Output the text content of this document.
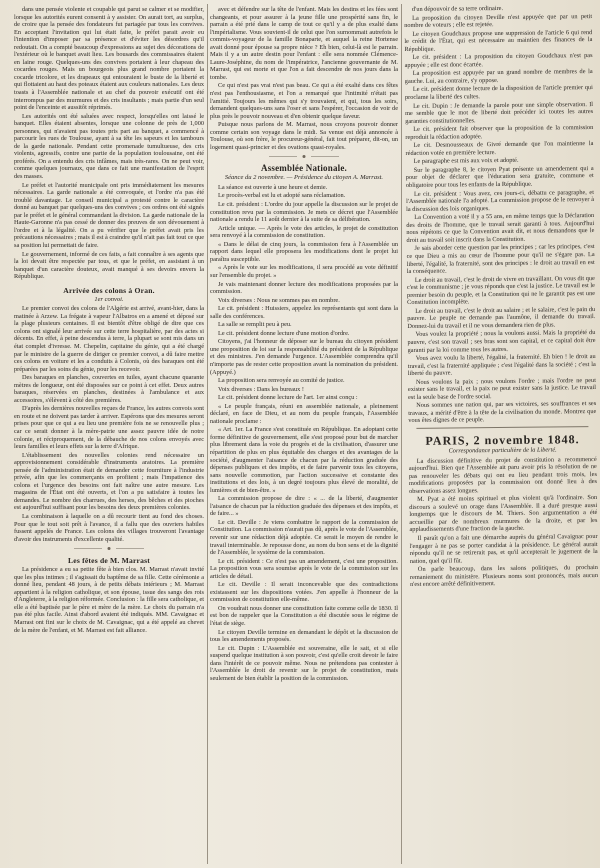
dans une pensée violente et coupable qui parut se calmer et se modifier, lorsque les autorités eurent consenti à y assister. On aurait tort, au surplus, de croire que la pensée des fondateurs fut partagée par tous les convives. En acceptant l'invitation qui lui était faite, le préfet parait avoir eu l'intention d'imposer par sa présence et d'éviter les désordres qu'il redoutait. On a compté beaucoup d'expressions au sujet des décorations de l'extérieur où le banquet avait lieu. Les bousards des commissaires étaient en laine rouge. Quelques-uns des convives portaient à leur chapeau des cocardes rouges. Mais un bourgeois plus grand nombre portaient la cocarde tricolore, et les drapeaux qui entouraient le buste de la liberté et qui flottaient au haut des poteaux étaient aux couleurs nationales. Les deux toasts à l'Assemblée nationale et au chef du pouvoir exécutif ont été interrompus par des murmures et des cris insultants ; mais partie d'un seul point de l'enceinte et aussitôt réprimés.

Les autorités ont été saluées avec respect, lorsqu'elles ont laissé le banquet. Elles étaient absentes, lorsque une colonne de près de 1,000 personnes, qui n'avaient pas toutes pris part au banquet, a commencé à parcourir les rues de Toulouse, ayant à sa tête les sapeurs et les tambours de la garde nationale. Pendant cette promenade tumultueuse, des cris violents, agressifs, contre une partie de la population toulousaine, ont été proférés. On a entendu des cris infâmes, mais très-rares. On ne peut voir, comme quelques journaux, que dans ce fait une manifestation de l'esprit des masses.

Le préfet et l'autorité municipale ont pris immédiatement les mesures nécessaires. La garde nationale a été convoquée, et l'ordre n'a pas été troublé davantage. Le conseil municipal a protesté contre le caractère donné au banquet par quelques-uns des convives ; ces ordres ont été signés par le préfet et le général commandant la division. La garde nationale de la Haute-Garonne n'a pas cessé de donner des preuves de son dévouement à l'ordre et à la légalité. On a pu vérifier que le préfet avait pris les précautions nécessaires ; mais il est à craindre qu'il n'ait pas fait tout ce que sa position lui permettait de faire.

Le gouvernement, informé de ces faits, a fait connaître à ses agents que la loi devait être respectée par tous, et que le préfet, en assistant à un banquet d'un caractère douteux, avait manqué à ses devoirs envers la République.

Arrivée des colons à Oran.
1er convoi.

Le premier convoi des colons de l'Algérie est arrivé, avant-hier, dans la matinée à Arzew. La frégate à vapeur l'Albatros en a amené et déposé sur la plage plusieurs centaines. Il est bientôt d'être obligé de dire que ces colons ont signalé leur arrivée sur cette terre hospitalière, par des actes si décents. En effet, à peine descendus à terre, la plupart se sont mis dans un état complet d'ivresse. M. Chepelin, capitaine du génie, qui a été chargé par le ministre de la guerre de diriger ce premier convoi, a dû faire mettre ces colons en voiture et les a conduits à Colonis, où des baraques ont été préparées par les soins du génie, pour les recevoir.

Des baraques en planches, couvertes en tuiles, ayant chacune quarante mètres de longueur, ont été disposées sur ce point à cet effet. Deux autres baraques, réservées en planches, destinées à l'ambulance et aux accessoires, s'élèvent à côté des premières.

D'après les dernières nouvelles reçues de France, les autres convois sont en route et ne doivent pas tarder à arriver. Espérons que des mesures seront prises pour que ce qui a eu lieu une première fois ne se renouvelle plus ; car ce serait donner à la mère-patrie une assez pauvre idée de notre colonie, et réciproquement, de la débauche de nos colons envoyés avec leurs familles et leurs effets sur la terre d'Afrique.

L'établissement des nouvelles colonies rend nécessaire un approvisionnement considérable d'instruments aratoires. La première pensée de l'administration était de demander cette fourniture à l'industrie privée, afin que les commerçants en profitent ; mais l'impatience des colons et l'urgence des besoins ont fait naître une autre mesure. Les magasins de l'État ont été ouverts, et l'on a pu satisfaire à toutes les demandes. Le nombre des charrues, des herses, des bêches et des pioches est aujourd'hui suffisant pour les besoins des deux premières colonies.

La combinaison à laquelle on a dû recourir tient au fond des choses. Pour que le tout soit prêt à l'avance, il a fallu que des ouvriers habiles fussent appelés de France. Les colons des villages trouveront l'avantage d'avoir des instruments d'excellente qualité.

Les fêtes de M. Marrast

La présidence a eu sa petite fête à bien clos. M. Marrast n'avait invité que les plus intimes ; il s'agissait du baptême de sa fille. Cette cérémonie a donné lieu, pendant 48 jours, à de petits débats intérieurs ; M. Marrast appartient à la religion catholique, et son épouse, issue des sangs des rois d'Angleterre, à la religion réformée. Conclusion : la fille sera catholique, et elle a été baptisée par le père et mère de la mère. Le choix du parrain n'a pas été plus facile. Ainsi d'abord avaient été indiqués. MM. Cavaignac et Marrast ont fini sur le choix de M. Cavaignac, qui a été appelé au chevet de la mère de l'enfant, et M. Marrast est fait alliance.

avec et défendre sur la tête de l'enfant. Mais les destins et les fées sont changeants, et pour assurer à la jeune fille une prospérité sans fin, le parrain a été prié dans le camp de tout ce qu'il y a de plus exalté dans l'impérialisme. Vous souvient-il de celui que l'on surnommait autrefois le commis-voyageur de la famille Bonaparte, et auquel la reine Hortense avait donné pour épouse sa propre nièce ? Eh bien, celui-là est le parrain. Mais il y a un autre destin pour l'enfant : elle sera nommée Clémence-Laure-Joséphine, du nom de l'impératrice, l'ancienne gouvernante de M. Marrast, qui est morte et que l'on a fait descendre de nos jours dans la tombe.

Ce qui n'est pas vrai n'est pas beau. Ce qui a été exalté dans ces fêtes n'est pas l'enthousiasme, et l'on a remarqué que l'intimité n'était pas l'amitié. Toujours les mêmes qui s'y trouvaient, et qui, tous les soirs, demandent quelques-uns sans l'oser et sans l'espérer, l'occasion de voir de plus près le pouvoir nouveau et d'en obtenir quelque faveur.

Puisque nous parlons de M. Marrast, nous croyons pouvoir donner comme certain son voyage dans le midi. Sa venue est déjà annoncée à Toulouse, où son frère, le procureur-général, fait tout préparer, dit-on, un logement quasi-princier et des ovations quasi-royales.

Assemblée Nationale.
Séance du 2 novembre. — Présidence du citoyen A. Marrast.

La séance est ouverte à une heure et demie.

Le procès-verbal est lu et adopté sans réclamation.

Le cit. président : L'ordre du jour appelle la discussion sur le projet de constitution revu par la commission. Je mets ce décret que l'Assemblée nationale a rendu le 11 août dernier à la suite de sa délibération.

Article unique. — Après le vote des articles, le projet de constitution sera renvoyé à la commission de constitution.

« Dans le délai de cinq jours, la commission fera à l'Assemblée un rapport dans lequel elle proposera les modifications dont le projet lui paraîtra susceptible.

« Après le vote sur les modifications, il sera procédé au vote définitif sur l'ensemble du projet. »

Je vais maintenant donner lecture des modifications proposées par la commission.

Voix diverses : Nous ne sommes pas en nombre.

Le cit. président : Huissiers, appelez les représentants qui sont dans la salle des conférences.

La salle se remplit peu à peu.

Le cit. président donne lecture d'une motion d'ordre.

Citoyens, j'ai l'honneur de déposer sur le bureau du citoyen président une proposition de loi sur la responsabilité du président de la République et des ministres. J'en demande l'urgence. L'Assemblée comprendra qu'il n'importe pas de rester cette proposition avant la nomination du président. (Appuyé.)

La proposition sera renvoyée au comité de justice.

Voix diverses : Dans les bureaux !

Le cit. président donne lecture de l'art. 1er ainsi conçu :

« Le peuple français, réuni en assemblée nationale, a pleinement déclaré, en face de Dieu, et au nom du peuple français, l'Assemblée nationale proclame :

« Art. 1er. La France s'est constituée en République. En adoptant cette forme définitive de gouvernement, elle s'est proposé pour but de marcher plus librement dans la voie du progrès et de la civilisation, d'assurer une répartition de plus en plus équitable des charges et des avantages de la société, d'augmenter l'aisance de chacun par la réduction graduée des dépenses publiques et des impôts, et de faire parvenir tous les citoyens, sans nouvelle commotion, par l'action successive et constante des institutions et des lois, à un degré toujours plus élevé de moralité, de lumières et de bien-être. »

La commission propose de dire : « ... de la liberté, d'augmenter l'aisance de chacun par la réduction graduée des dépenses et des impôts, et de faire... »

Le cit. Deville : Je viens combattre le rapport de la commission de Constitution. La commission n'aurait pas dû, après le vote de l'Assemblée, revenir sur une rédaction déjà adoptée. Ce serait le moyen de rendre le travail interminable. Je repousse donc, au nom du bon sens et de la dignité de l'Assemblée, le système de la commission.

Le cit. président : Ce n'est pas un amendement, c'est une proposition. La proposition vous sera soumise après le vote de la commission sur les articles de détail.

Le cit. Deville : Il serait inconcevable que des contradictions existassent sur les dispositions votées. J'en appelle à l'honneur de la commission de constitution elle-même.

On voudrait nous donner une constitution faite comme celle de 1830. Il est bon de rappeler que la Constitution a été discutée sous le régime de l'état de siège.

Le citoyen Deville termine en demandant le dépôt et la discussion de tous les amendements proposés.

Le cit. Dupin : L'Assemblée est souveraine, elle le sait, et si elle suspend quelque institution à son pouvoir, c'est qu'elle croit devoir le faire dans l'intérêt de ce pouvoir même. Nous ne prétendons pas contester à l'Assemblée le droit de revenir sur le projet de constitution, mais seulement de bien établir la position de la commission.

d'un dépouvoir de sa terre ordinaire.

La proposition du citoyen Deville n'est appuyée que par un petit nombre de voteurs ; elle est rejetée.

Le citoyen Goudchaux propose une suppression de l'article 6 qui rend le crédit de l'État, qui est nécessaire au maintien des finances de la République.

Le cit. président : La proposition du citoyen Goudchaux n'est pas appuyée ; elle est donc écartée.

La proposition est appuyée par un grand nombre de membres de la gauche. Lui, au contraire, s'y oppose.

Le cit. président donne lecture de la disposition de l'article premier qui proclame la liberté des cultes.

Le cit. Dupin : Je demande la parole pour une simple observation. Il me semble que le mot de liberté doit précéder ici toutes les autres garanties constitutionnelles.

Le cit. président fait observer que la proposition de la commission reproduit la rédaction adoptée.

Le cit. Desmousseaux de Givré demande que l'on maintienne la rédaction votée en première lecture.

Le paragraphe est mis aux voix et adopté.

Sur le paragraphe 8, le citoyen Pyat présente un amendement qui a pour objet de déclarer que l'éducation sera gratuite, commune et obligatoire pour tous les enfants de la République.

Le cit. président : Vous avez, ces jours-ci, débattu ce paragraphe, et l'Assemblée nationale l'a adopté. La commission propose de le renvoyer à la discussion des lois organiques.

La Convention a voté il y a 55 ans, en même temps que la Déclaration des droits de l'homme, que le travail serait garanti à tous. Aujourd'hui nous répétons ce que la Convention avait dit, et nous demandons que le droit au travail soit inscrit dans la Constitution.

Je sais aborder cette question par les principes ; car les principes, c'est ce que Dieu a mis au cœur de l'homme pour qu'il ne s'égare pas. La liberté, l'égalité, la fraternité, sont des principes : le droit au travail en est la conséquence.

Le droit au travail, c'est le droit de vivre en travaillant. On vous dit que c'est le communisme ; je vous réponds que c'est la justice. Le travail est le premier besoin du peuple, et la Constitution qui ne le garantit pas est une Constitution incomplète.

Le droit au travail, c'est le droit au salaire ; et le salaire, c'est le pain du pauvre. Le peuple ne demande pas l'aumône, il demande du travail. Donnez-lui du travail et il ne vous demandera rien de plus.

Vous voulez la propriété ; nous la voulons aussi. Mais la propriété du pauvre, c'est son travail ; ses bras sont son capital, et ce capital doit être garanti par la loi comme tous les autres.

Vous avez voulu la liberté, l'égalité, la fraternité. Eh bien ! le droit au travail, c'est la fraternité appliquée ; c'est l'égalité dans la société ; c'est la liberté du pauvre.

Nous voulons la paix ; nous voulons l'ordre ; mais l'ordre ne peut exister sans le travail, et la paix ne peut exister sans la justice. Le travail est la seule base de l'ordre social.

Nous sommes une nation qui, par ses victoires, ses souffrances et ses travaux, a mérité d'être à la tête de la civilisation du monde. Montrez que vous êtes dignes de ce peuple.

PARIS, 2 novembre 1848.
Correspondance particulière de la Liberté.

La discussion définitive du projet de constitution a recommencé aujourd'hui. Bien que l'Assemblée ait paru avoir pris la résolution de ne pas renouveler les débats qui ont eu lieu pendant trois mois, les modifications proposées par la commission ont donné lieu à des observations assez longues.

M. Pyat a été moins spirituel et plus violent qu'à l'ordinaire. Son discours a soulevé un orage dans l'Assemblée. Il a duré presque aussi longtemps que le discours de M. Thiers. Son argumentation a été accueillie par de nombreux murmures de la droite, et par les applaudissements d'une fraction de la gauche.

Il paraît qu'on a fait une démarche auprès du général Cavaignac pour l'engager à ne pas se porter candidat à la présidence. Le général aurait répondu qu'il ne se retirerait pas, et qu'il accepterait le jugement de la nation, quel qu'il fût.

On parle beaucoup, dans les salons politiques, du prochain remaniement du ministère. Plusieurs noms sont prononcés, mais aucun n'est encore arrêté définitivement.
